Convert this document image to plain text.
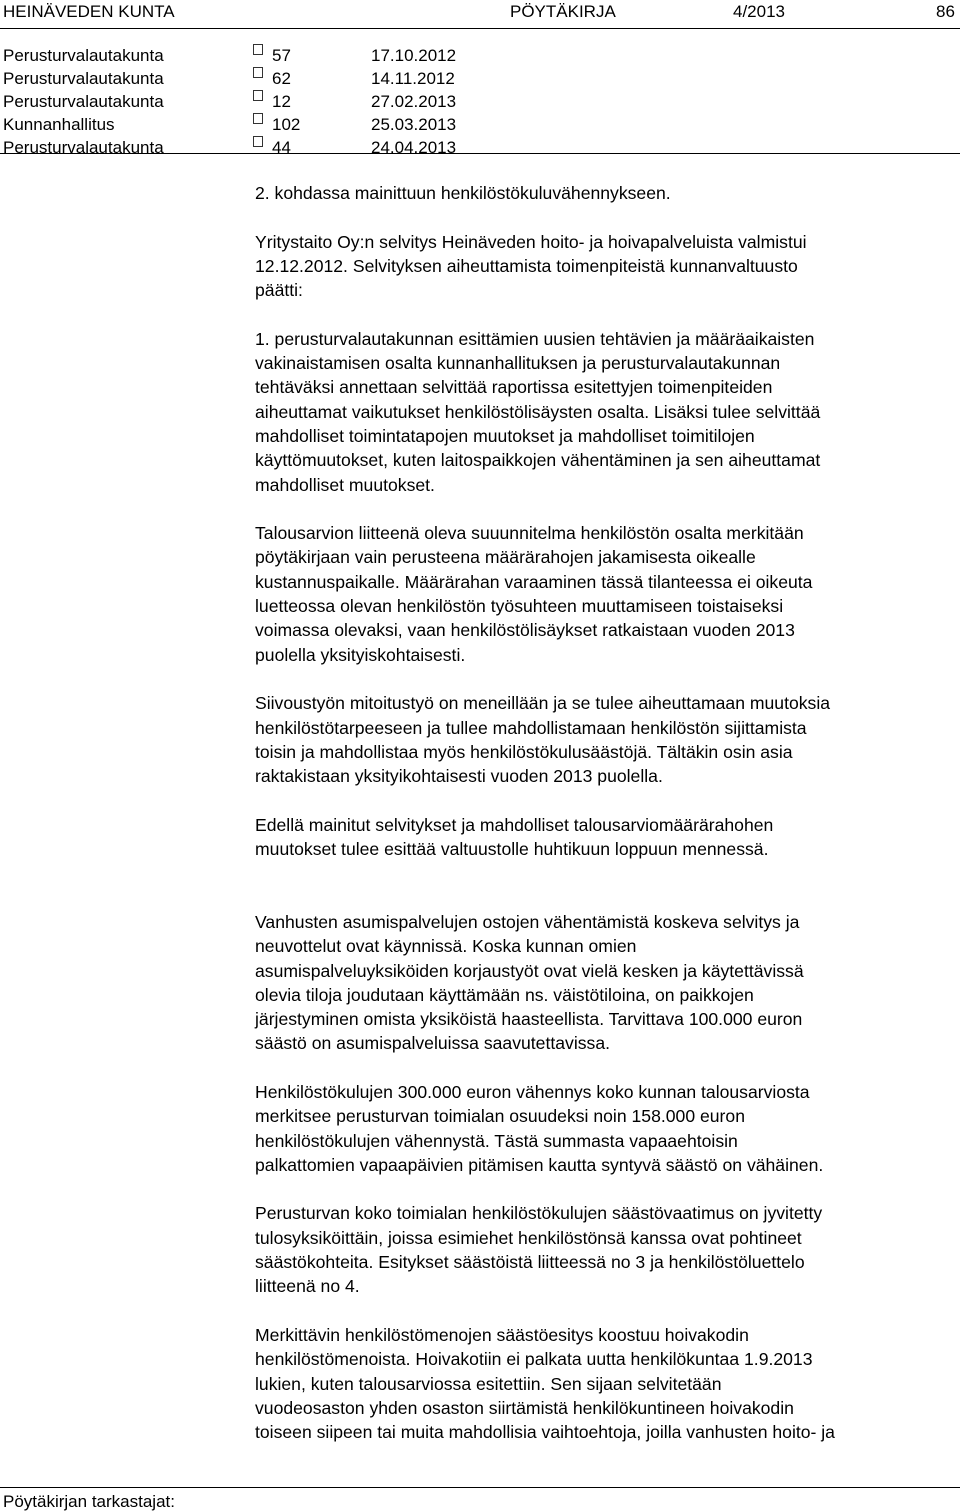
HEINÄVEDEN KUNTA	PÖYTÄKIRJA	4/2013	86
Perusturvalautakunta	57	17.10.2012
Perusturvalautakunta	62	14.11.2012
Perusturvalautakunta	12	27.02.2013
Kunnanhallitus	102	25.03.2013
Perusturvalautakunta	44	24.04.2013

2. kohdassa mainittuun henkilöstökuluvähennykseen.

Yritystaito Oy:n selvitys Heinäveden hoito- ja hoivapalveluista valmistui
12.12.2012. Selvityksen aiheuttamista toimenpiteistä kunnanvaltuusto
päätti:

1. perusturvalautakunnan esittämien uusien tehtävien ja määräaikaisten
vakinaistamisen osalta kunnanhallituksen ja perusturvalautakunnan
tehtäväksi annettaan selvittää raportissa esitettyjen toimenpiteiden
aiheuttamat vaikutukset henkilöstölisäysten osalta. Lisäksi tulee selvittää
mahdolliset toimintatapojen muutokset ja mahdolliset toimitilojen
käyttömuutokset, kuten laitospaikkojen vähentäminen ja sen aiheuttamat
mahdolliset muutokset.

Talousarvion liitteenä oleva suuunnitelma henkilöstön osalta merkitään
pöytäkirjaan vain perusteena määrärahojen jakamisesta oikealle
kustannuspaikalle. Määrärahan varaaminen tässä tilanteessa ei oikeuta
luetteossa olevan henkilöstön työsuhteen muuttamiseen toistaiseksi
voimassa olevaksi, vaan henkilöstölisäykset ratkaistaan vuoden 2013
puolella yksityiskohtaisesti.

Siivoustyön mitoitustyö on meneillään ja se tulee aiheuttamaan muutoksia
henkilöstötarpeeseen ja tullee mahdollistamaan henkilöstön sijittamista
toisin ja mahdollistaa myös henkilöstökulusäästöjä. Tältäkin osin asia
raktakistaan yksityikohtaisesti vuoden 2013 puolella.

Edellä mainitut selvitykset ja mahdolliset talousarviomäärärahohen
muutokset tulee esittää valtuustolle huhtikuun loppuun mennessä.

Vanhusten asumispalvelujen ostojen vähentämistä koskeva selvitys ja
neuvottelut ovat käynnissä. Koska kunnan omien
asumispalveluyksiköiden korjaustyöt ovat vielä kesken ja käytettävissä
olevia tiloja joudutaan käyttämään ns. väistötiloina, on paikkojen
järjestyminen omista yksiköistä haasteellista. Tarvittava 100.000 euron
säästö on asumispalveluissa saavutettavissa.

Henkilöstökulujen 300.000 euron vähennys koko kunnan talousarviosta
merkitsee perusturvan toimialan osuudeksi noin 158.000 euron
henkilöstökulujen vähennystä. Tästä summasta vapaaehtoisin
palkattomien vapaapäivien pitämisen kautta syntyvä säästö on vähäinen.

Perusturvan koko toimialan henkilöstökulujen säästövaatimus on jyvitetty
tulosyksiköittäin, joissa esimiehet henkilöstönsä kanssa ovat pohtineet
säästökohteita. Esitykset säästöistä liitteessä no 3 ja henkilöstöluettelo
liitteenä no 4.

Merkittävin henkilöstömenojen säästöesitys koostuu hoivakodin
henkilöstömenoista. Hoivakotiin ei palkata uutta henkilökuntaa 1.9.2013
lukien, kuten talousarviossa esitettiin. Sen sijaan selvitetään
vuodeosaston yhden osaston siirtämistä henkilökuntineen hoivakodin
toiseen siipeen tai muita mahdollisia vaihtoehtoja, joilla vanhusten hoito- ja

Pöytäkirjan tarkastajat:
